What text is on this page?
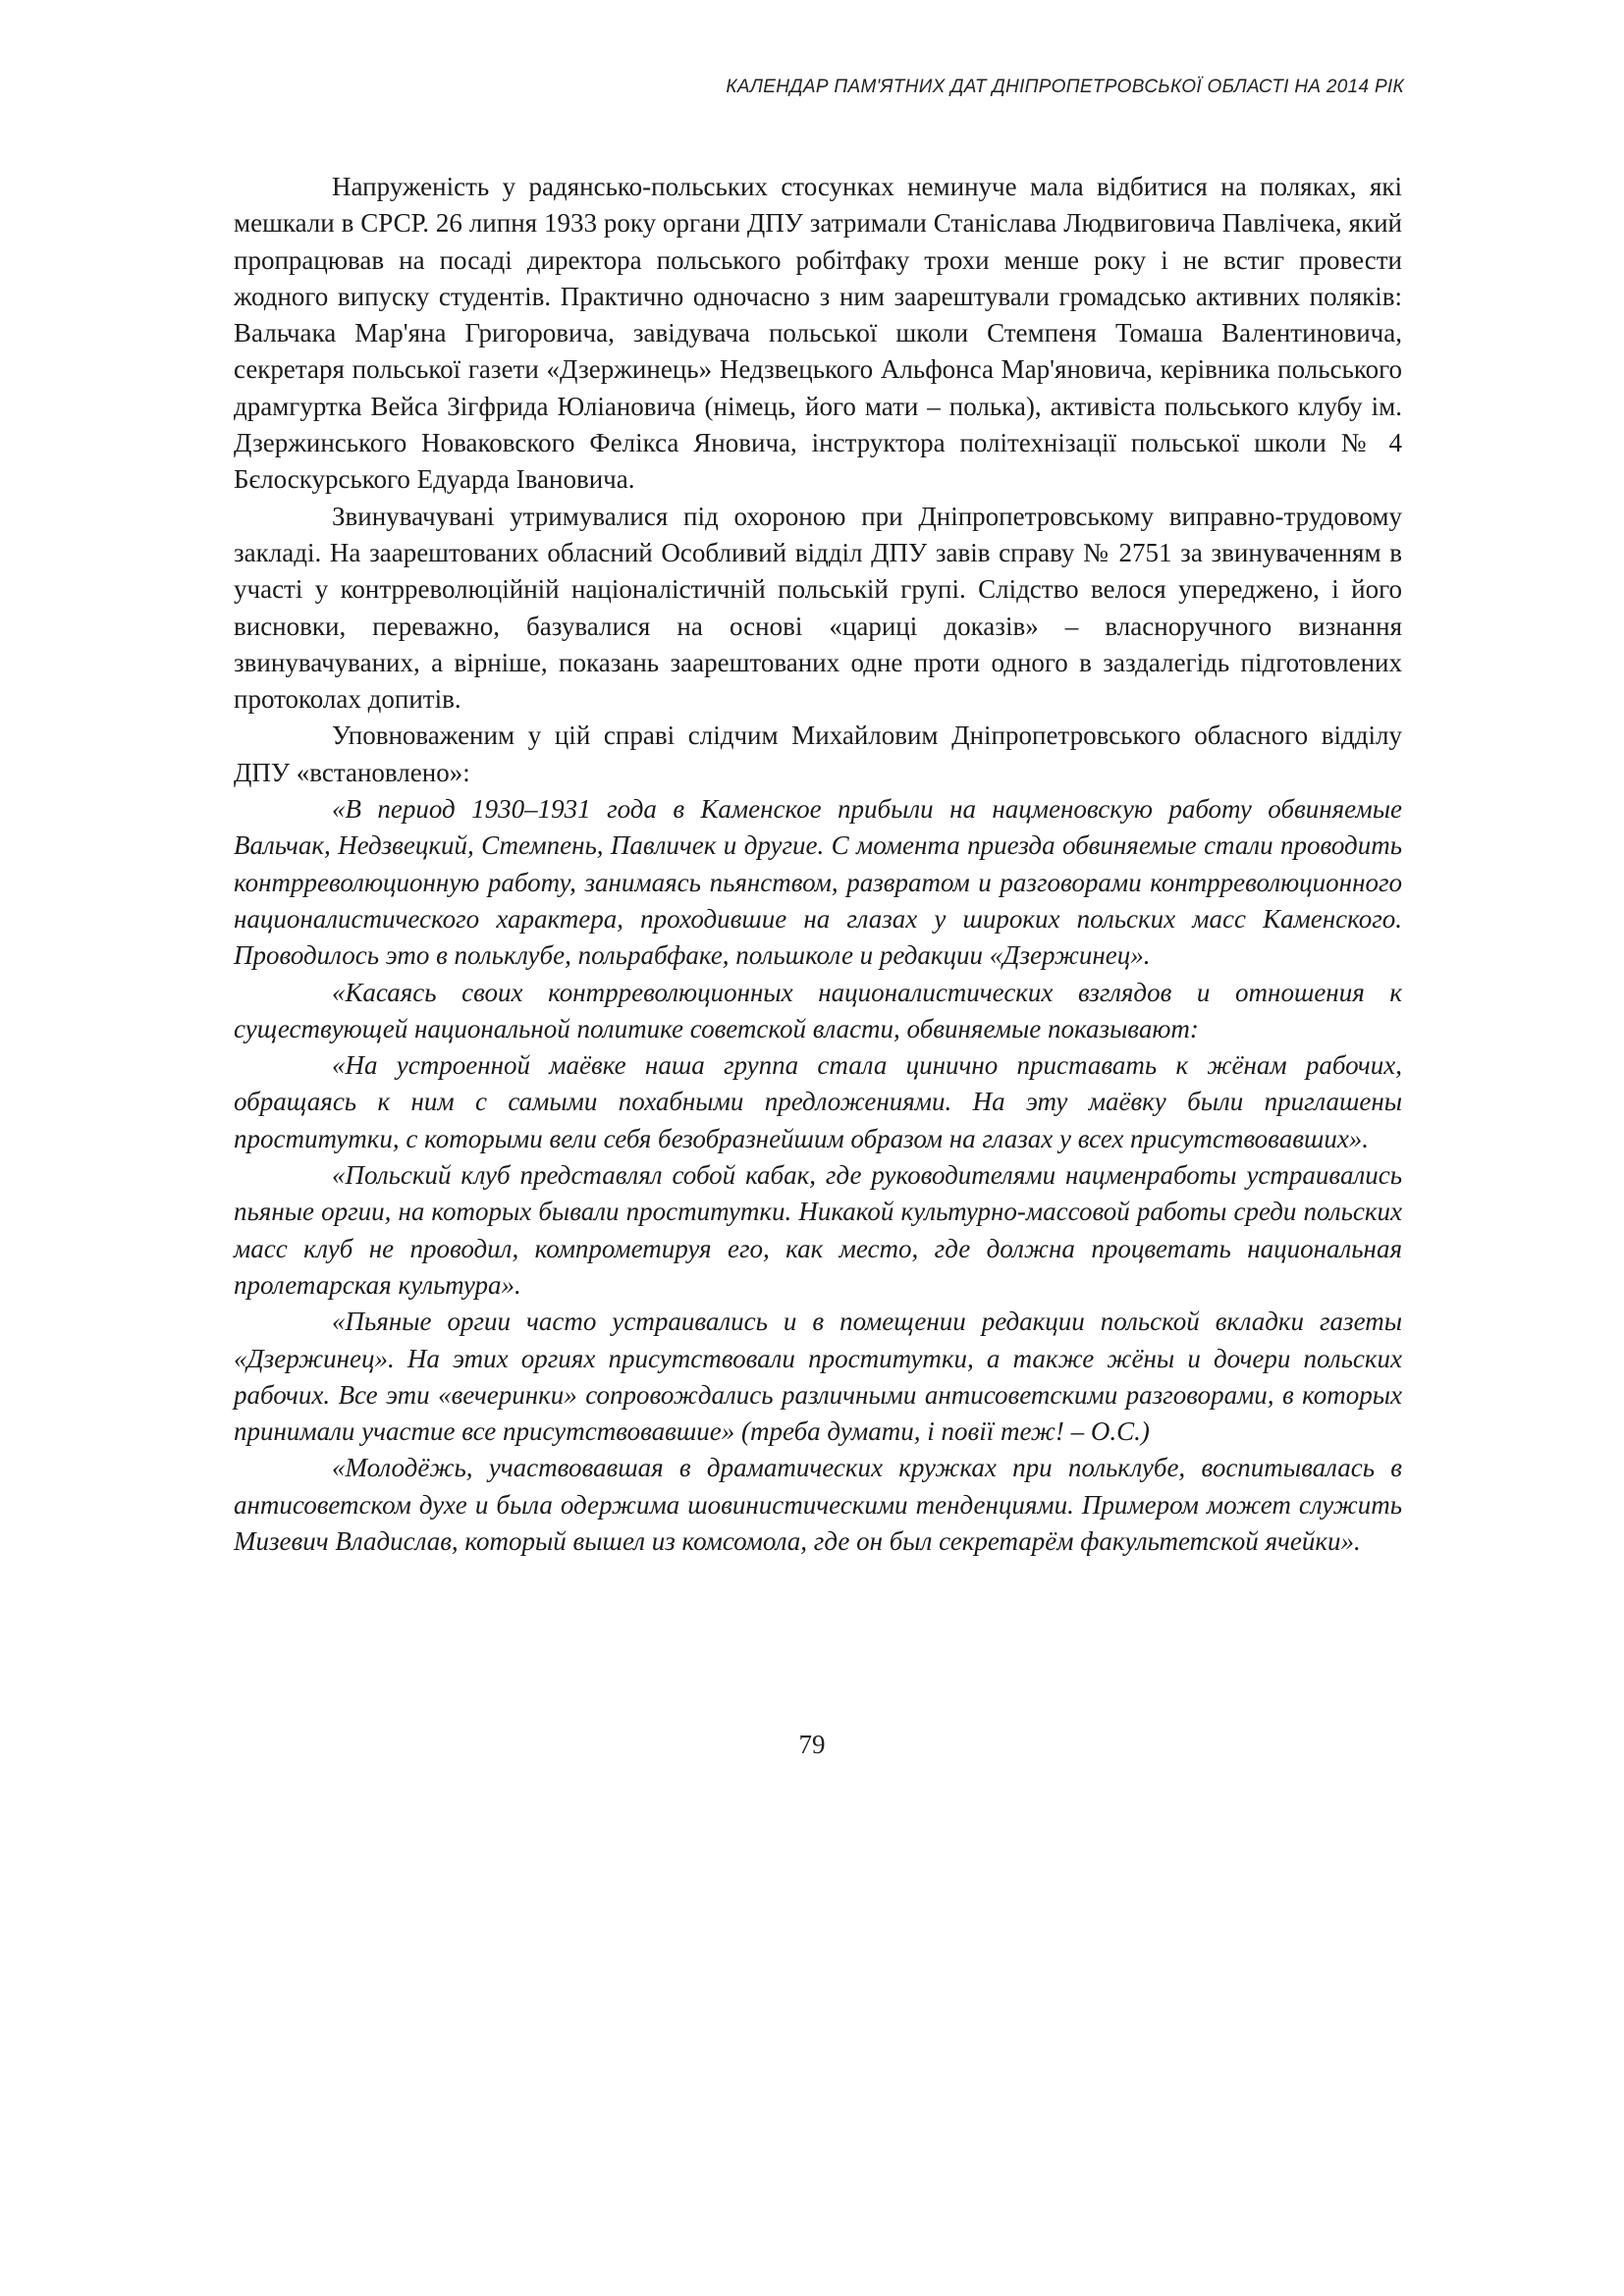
КАЛЕНДАР ПАМ'ЯТНИХ ДАТ ДНІПРОПЕТРОВСЬКОЇ ОБЛАСТІ НА 2014 РІК

Напруженість у радянсько-польських стосунках неминуче мала відбитися на поляках, які мешкали в СРСР. 26 липня 1933 року органи ДПУ затримали Станіслава Людвиговича Павлічека, який пропрацював на посаді директора польського робітфаку трохи менше року і не встиг провести жодного випуску студентів. Практично одночасно з ним заарештували громадсько активних поляків: Вальчака Мар'яна Григоровича, завідувача польської школи Стемпеня Томаша Валентиновича, секретаря польської газети «Дзержинець» Недзвецького Альфонса Мар'яновича, керівника польського драмгуртка Вейса Зігфрида Юліановича (німець, його мати – полька), активіста польського клубу ім. Дзержинського Новаковского Фелікса Яновича, інструктора політехнізації польської школи № 4 Бєлоскурського Едуарда Івановича.

Звинувачувані утримувалися під охороною при Дніпропетровському виправно-трудовому закладі. На заарештованих обласний Особливий відділ ДПУ завів справу № 2751 за звинуваченням в участі у контрреволюційній націоналістичній польській групі. Слідство велося упереджено, і його висновки, переважно, базувалися на основі «цариці доказів» – власноручного визнання звинувачуваних, а вірніше, показань заарештованих одне проти одного в заздалегідь підготовлених протоколах допитів.

Уповноваженим у цій справі слідчим Михайловим Дніпропетровського обласного відділу ДПУ «встановлено»:

«В период 1930–1931 года в Каменское прибыли на нацменовскую работу обвиняемые Вальчак, Недзвецкий, Стемпень, Павличек и другие. С момента приезда обвиняемые стали проводить контрреволюционную работу, занимаясь пьянством, развратом и разговорами контрреволюционного националистического характера, проходившие на глазах у широких польских масс Каменского. Проводилось это в польклубе, польрабфаке, польшколе и редакции «Дзержинец».

«Касаясь своих контрреволюционных националистических взглядов и отношения к существующей национальной политике советской власти, обвиняемые показывают:

«На устроенной маёвке наша группа стала цинично приставать к жёнам рабочих, обращаясь к ним с самыми похабными предложениями. На эту маёвку были приглашены проститутки, с которыми вели себя безобразнейшим образом на глазах у всех присутствовавших».

«Польский клуб представлял собой кабак, где руководителями нацменработы устраивались пьяные оргии, на которых бывали проститутки. Никакой культурно-массовой работы среди польских масс клуб не проводил, компрометируя его, как место, где должна процветать национальная пролетарская культура».

«Пьяные оргии часто устраивались и в помещении редакции польской вкладки газеты «Дзержинец». На этих оргиях присутствовали проститутки, а также жёны и дочери польских рабочих. Все эти «вечеринки» сопровождались различными антисоветскими разговорами, в которых принимали участие все присутствовавшие» (треба думати, і повії теж! – О.С.)

«Молодёжь, участвовавшая в драматических кружках при польклубе, воспитывалась в антисоветском духе и была одержима шовинистическими тенденциями. Примером может служить Мизевич Владислав, который вышел из комсомола, где он был секретарём факультетской ячейки».

79
